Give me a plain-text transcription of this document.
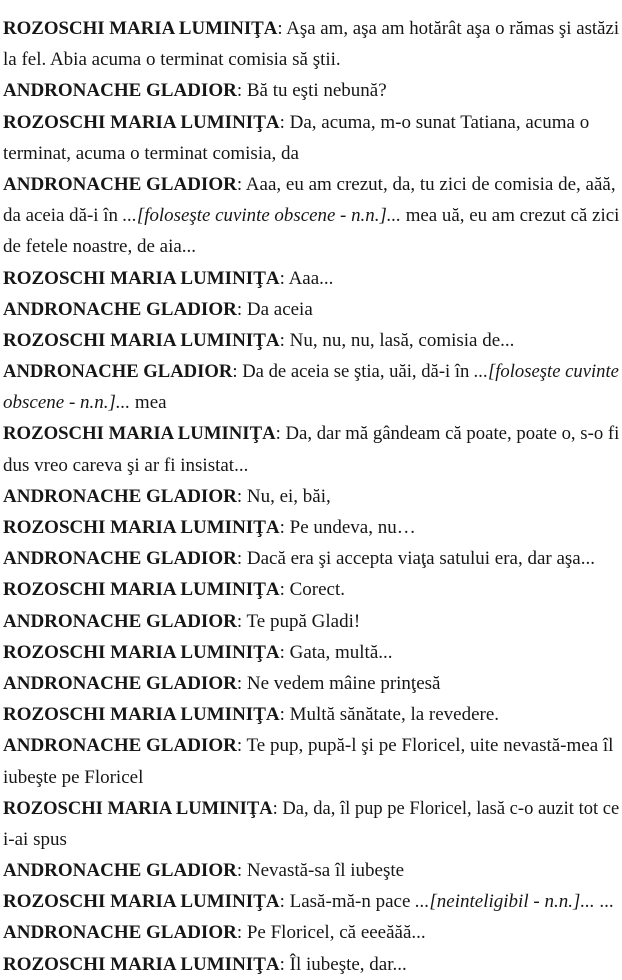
ROZOSCHI MARIA LUMINIŢA: Aşa am, aşa am hotărât aşa o rămas şi astăzi
la fel. Abia acuma o terminat comisia să ştii.
ANDRONACHE GLADIOR: Bă tu eşti nebună?
ROZOSCHI MARIA LUMINIŢA: Da, acuma, m-o sunat Tatiana, acuma o
terminat, acuma o terminat comisia, da
ANDRONACHE GLADIOR: Aaa, eu am crezut, da, tu zici de comisia de, aăă,
da aceia dă-i în ...[foloseşte cuvinte obscene - n.n.]... mea uă, eu am crezut că zici
de fetele noastre, de aia...
ROZOSCHI MARIA LUMINIŢA: Aaa...
ANDRONACHE GLADIOR: Da aceia
ROZOSCHI MARIA LUMINIŢA: Nu, nu, nu, lasă, comisia de...
ANDRONACHE GLADIOR: Da de aceia se ştia, uăi, dă-i în ...[foloseşte cuvinte
obscene - n.n.]... mea
ROZOSCHI MARIA LUMINIŢA: Da, dar mă gândeam că poate, poate o, s-o fi
dus vreo careva şi ar fi insistat...
ANDRONACHE GLADIOR: Nu, ei, băi,
ROZOSCHI MARIA LUMINIŢA: Pe undeva, nu…
ANDRONACHE GLADIOR: Dacă era şi accepta viaţa satului era, dar aşa...
ROZOSCHI MARIA LUMINIŢA: Corect.
ANDRONACHE GLADIOR: Te pupă Gladi!
ROZOSCHI MARIA LUMINIŢA: Gata, multă...
ANDRONACHE GLADIOR: Ne vedem mâine prinţesă
ROZOSCHI MARIA LUMINIŢA: Multă sănătate, la revedere.
ANDRONACHE GLADIOR: Te pup, pupă-l şi pe Floricel, uite nevastă-mea îl
iubeşte pe Floricel
ROZOSCHI MARIA LUMINIŢA: Da, da, îl pup pe Floricel, lasă c-o auzit tot ce
i-ai spus
ANDRONACHE GLADIOR: Nevastă-sa îl iubeşte
ROZOSCHI MARIA LUMINIŢA: Lasă-mă-n pace ...[neinteligibil - n.n.]... ...
ANDRONACHE GLADIOR: Pe Floricel, că eeeăăă...
ROZOSCHI MARIA LUMINIŢA: Îl iubeşte, dar...
